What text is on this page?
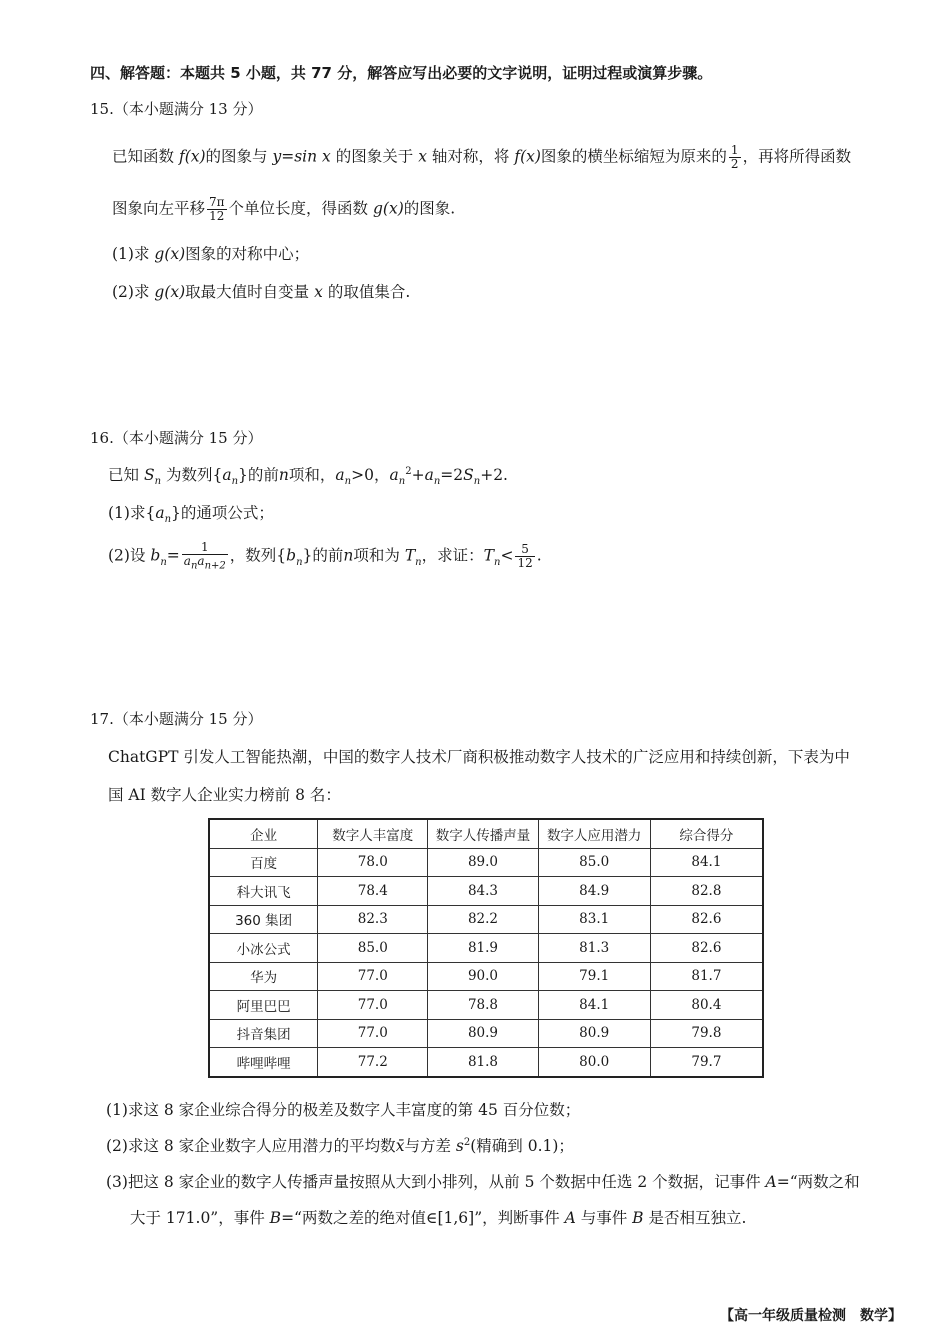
四、解答题：本题共 5 小题，共 77 分，解答应写出必要的文字说明，证明过程或演算步骤。
15.（本小题满分 13 分）
已知函数 f(x)的图象与 y=sin x 的图象关于 x 轴对称，将 f(x)图象的横坐标缩短为原来的 $\frac{1}{2}$ ，再将所得函数
图象向左平移 $\frac{7\pi}{12}$ 个单位长度，得函数 g(x)的图象.
(1)求 g(x)图象的对称中心；
(2)求 g(x)取最大值时自变量 x 的取值集合.
16.（本小题满分 15 分）
已知 $S_n$ 为数列$\{a_n\}$的前n项和，$a_n>0$，$a_n^2+a_n=2S_n+2$.
(1)求$\{a_n\}$的通项公式；
(2)设 $b_n= \frac{1}{a_na_{n+2}}$ ，数列$\{b_n\}$的前n项和为 $T_n$，求证：$T_n< \frac{5}{12}$ .
17.（本小题满分 15 分）
ChatGPT 引发人工智能热潮，中国的数字人技术厂商积极推动数字人技术的广泛应用和持续创新，下表为中
国 AI 数字人企业实力榜前 8 名：
企业	数字人丰富度	数字人传播声量	数字人应用潜力	综合得分
百度	78.0	89.0	85.0	84.1
科大讯飞	78.4	84.3	84.9	82.8
360 集团	82.3	82.2	83.1	82.6
小冰公式	85.0	81.9	81.3	82.6
华为	77.0	90.0	79.1	81.7
阿里巴巴	77.0	78.8	84.1	80.4
抖音集团	77.0	80.9	80.9	79.8
哔哩哔哩	77.2	81.8	80.0	79.7
(1)求这 8 家企业综合得分的极差及数字人丰富度的第 45 百分位数；
(2)求这 8 家企业数字人应用潜力的平均数x̄与方差 $s^2$(精确到 0.1)；
(3)把这 8 家企业的数字人传播声量按照从大到小排列，从前 5 个数据中任选 2 个数据，记事件 A=“两数之和
大于 171.0”，事件 B=“两数之差的绝对值∈[1,6]”，判断事件 A 与事件 B 是否相互独立.
【高一年级质量检测　数学】
